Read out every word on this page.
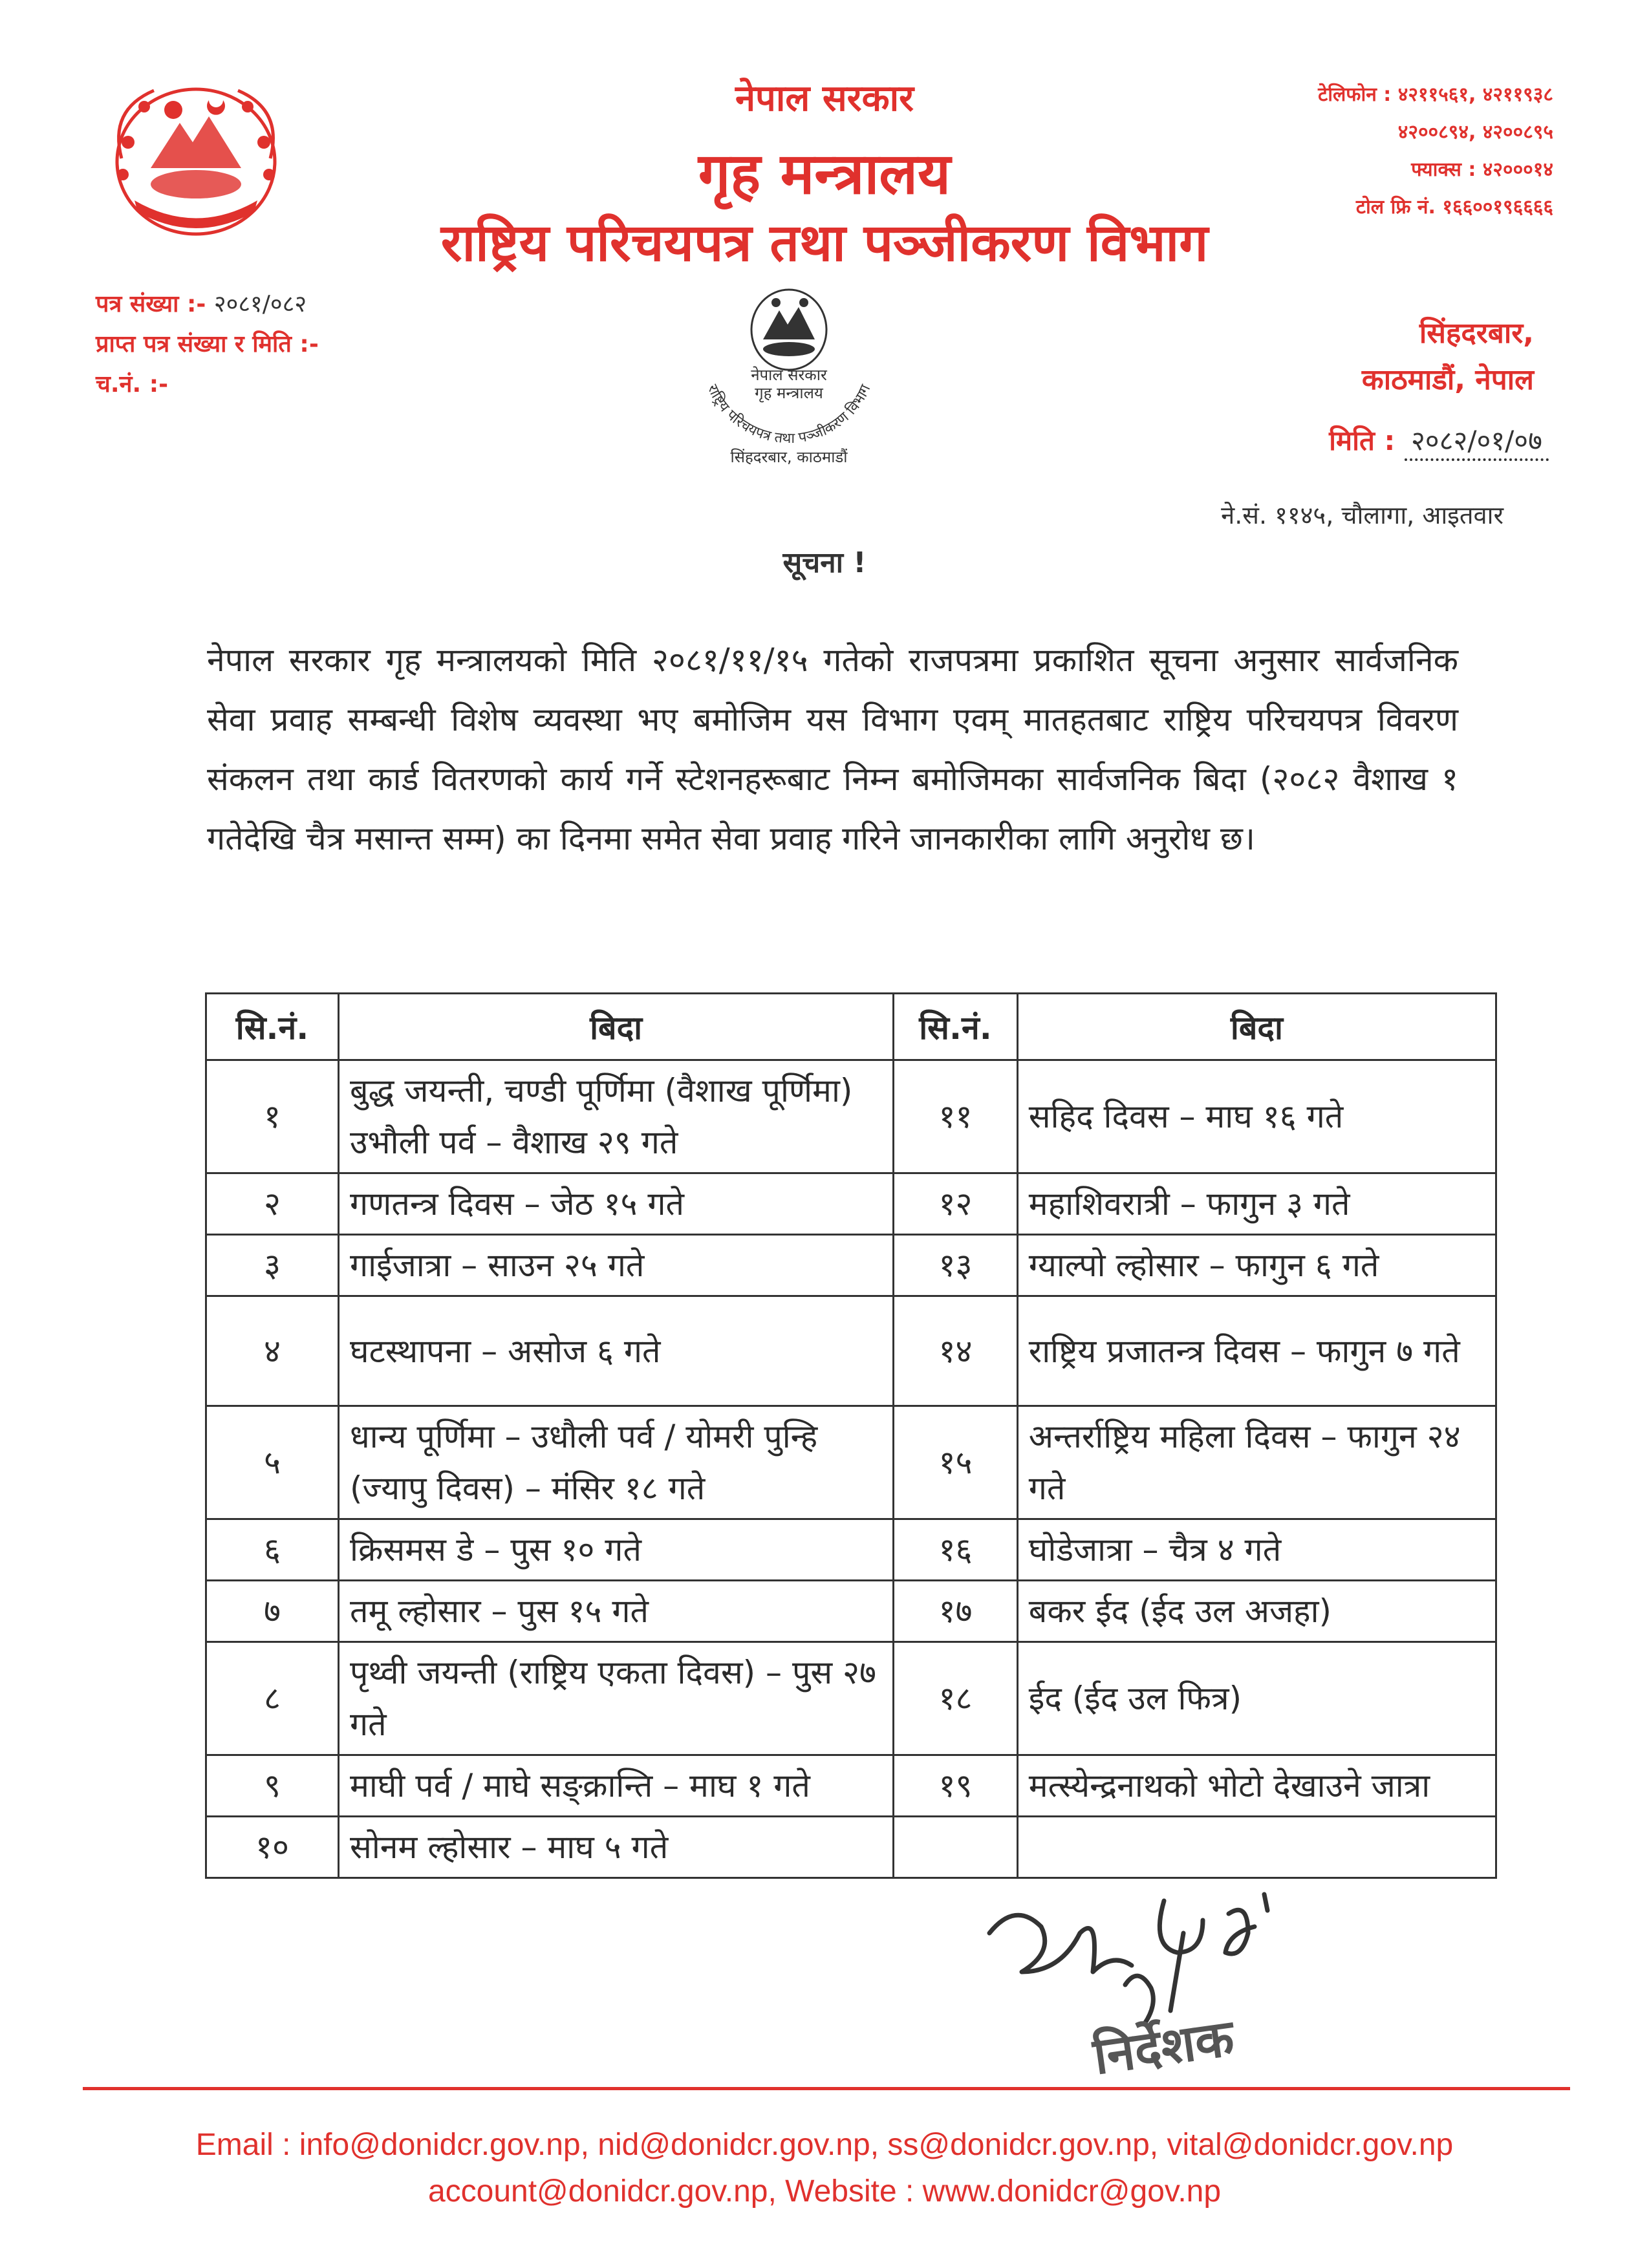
नेपाल सरकार
गृह मन्त्रालय
राष्ट्रिय परिचयपत्र तथा पञ्जीकरण विभाग
टेलिफोन : ४२११५६१, ४२११९३८
४२००८९४, ४२००८९५
फ्याक्स : ४२०००१४
टोल फ्रि नं. १६६००१९६६६६
पत्र संख्या :- २०८१/०८२
प्राप्त पत्र संख्या र मिति :-
च.नं. :-	नेपाल सरकार
गृह मन्त्रालय
राष्ट्रिय परिचयपत्र तथा पञ्जीकरण विभाग
सिंहदरबार, काठमाडौं
सिंहदरबार,
काठमाडौं, नेपाल
मिति : २०८२/०१/०७
ने.सं. ११४५, चौलागा, आइतवार
सूचना !
नेपाल सरकार गृह मन्त्रालयको मिति २०८१/११/१५ गतेको राजपत्रमा प्रकाशित सूचना अनुसार सार्वजनिक सेवा प्रवाह सम्बन्धी विशेष व्यवस्था भए बमोजिम यस विभाग एवम् मातहतबाट राष्ट्रिय परिचयपत्र विवरण संकलन तथा कार्ड वितरणको कार्य गर्ने स्टेशनहरूबाट निम्न बमोजिमका सार्वजनिक बिदा (२०८२ वैशाख १ गतेदेखि चैत्र मसान्त सम्म) का दिनमा समेत सेवा प्रवाह गरिने जानकारीका लागि अनुरोध छ।
सि.नं.	बिदा	सि.नं.	बिदा
१	बुद्ध जयन्ती, चण्डी पूर्णिमा (वैशाख पूर्णिमा) उभौली पर्व – वैशाख २९ गते	११	सहिद दिवस – माघ १६ गते
२	गणतन्त्र दिवस – जेठ १५ गते	१२	महाशिवरात्री – फागुन ३ गते
३	गाईजात्रा – साउन २५ गते	१३	ग्याल्पो ल्होसार – फागुन ६ गते
४	घटस्थापना – असोज ६ गते	१४	राष्ट्रिय प्रजातन्त्र दिवस – फागुन ७ गते
५	धान्य पूर्णिमा – उधौली पर्व / योमरी पुन्हि (ज्यापु दिवस) – मंसिर १८ गते	१५	अन्तर्राष्ट्रिय महिला दिवस – फागुन २४ गते
६	क्रिसमस डे – पुस १० गते	१६	घोडेजात्रा – चैत्र ४ गते
७	तमू ल्होसार – पुस १५ गते	१७	बकर ईद (ईद उल अजहा)
८	पृथ्वी जयन्ती (राष्ट्रिय एकता दिवस) – पुस २७ गते	१८	ईद (ईद उल फित्र)
९	माघी पर्व / माघे सङ्क्रान्ति – माघ १ गते	१९	मत्स्येन्द्रनाथको भोटो देखाउने जात्रा
१०	सोनम ल्होसार – माघ ५ गते		
निर्देशक
Email : info@donidcr.gov.np, nid@donidcr.gov.np, ss@donidcr.gov.np, vital@donidcr.gov.np
account@donidcr.gov.np, Website : www.donidcr@gov.np
